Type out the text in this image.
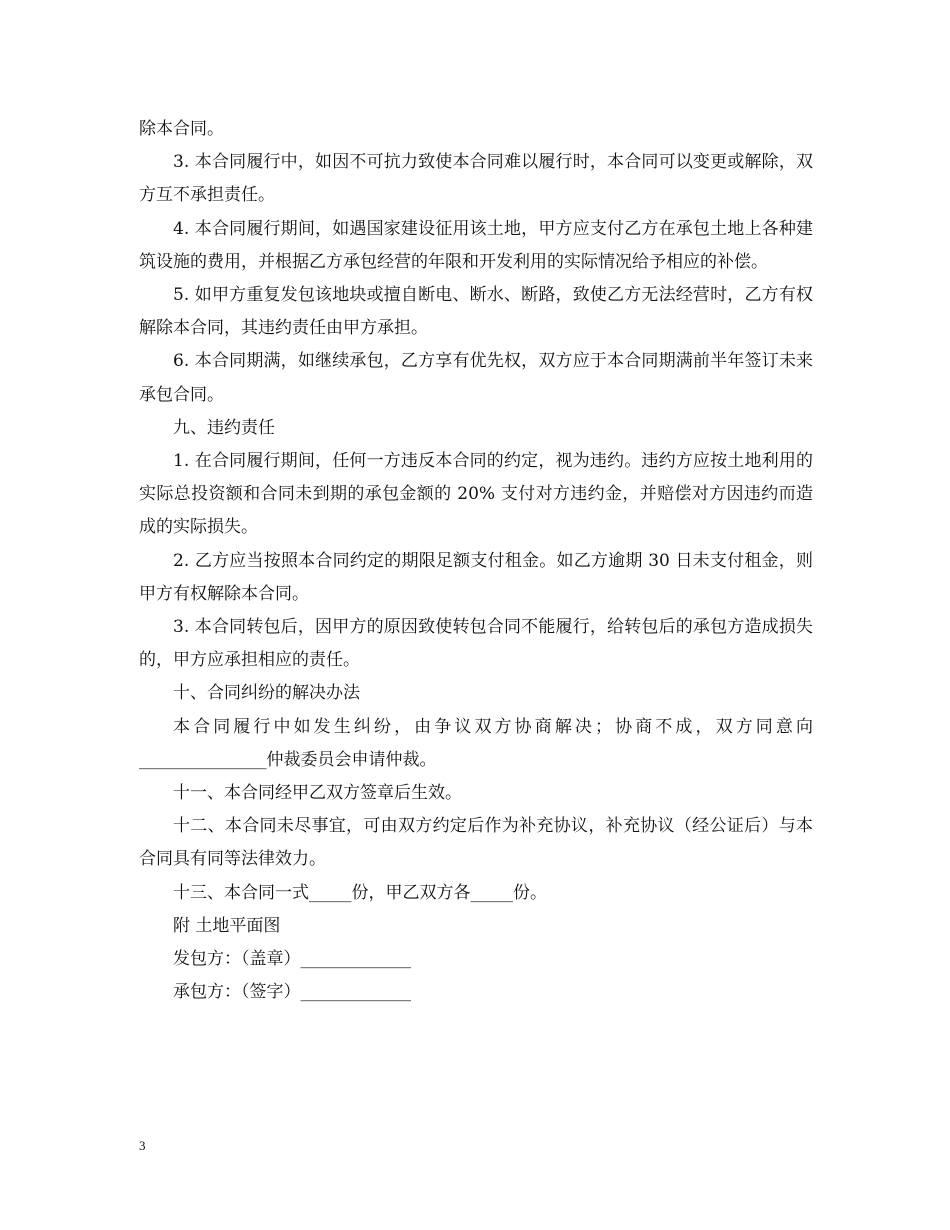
除本合同。

3. 本合同履行中，如因不可抗力致使本合同难以履行时，本合同可以变更或解除，双方互不承担责任。

4. 本合同履行期间，如遇国家建设征用该土地，甲方应支付乙方在承包土地上各种建筑设施的费用，并根据乙方承包经营的年限和开发利用的实际情况给予相应的补偿。

5. 如甲方重复发包该地块或擅自断电、断水、断路，致使乙方无法经营时，乙方有权解除本合同，其违约责任由甲方承担。

6. 本合同期满，如继续承包，乙方享有优先权，双方应于本合同期满前半年签订未来承包合同。

九、违约责任

1. 在合同履行期间，任何一方违反本合同的约定，视为违约。违约方应按土地利用的实际总投资额和合同未到期的承包金额的 20% 支付对方违约金，并赔偿对方因违约而造成的实际损失。

2. 乙方应当按照本合同约定的期限足额支付租金。如乙方逾期 30 日未支付租金，则甲方有权解除本合同。

3. 本合同转包后，因甲方的原因致使转包合同不能履行，给转包后的承包方造成损失的，甲方应承担相应的责任。

十、合同纠纷的解决办法

本合同履行中如发生纠纷，由争议双方协商解决；协商不成，双方同意向_______________仲裁委员会申请仲裁。

十一、本合同经甲乙双方签章后生效。

十二、本合同未尽事宜，可由双方约定后作为补充协议，补充协议（经公证后）与本合同具有同等法律效力。

十三、本合同一式_____份，甲乙双方各_____份。

附 土地平面图

发包方：（盖章）_____________

承包方：（签字）_____________

3
